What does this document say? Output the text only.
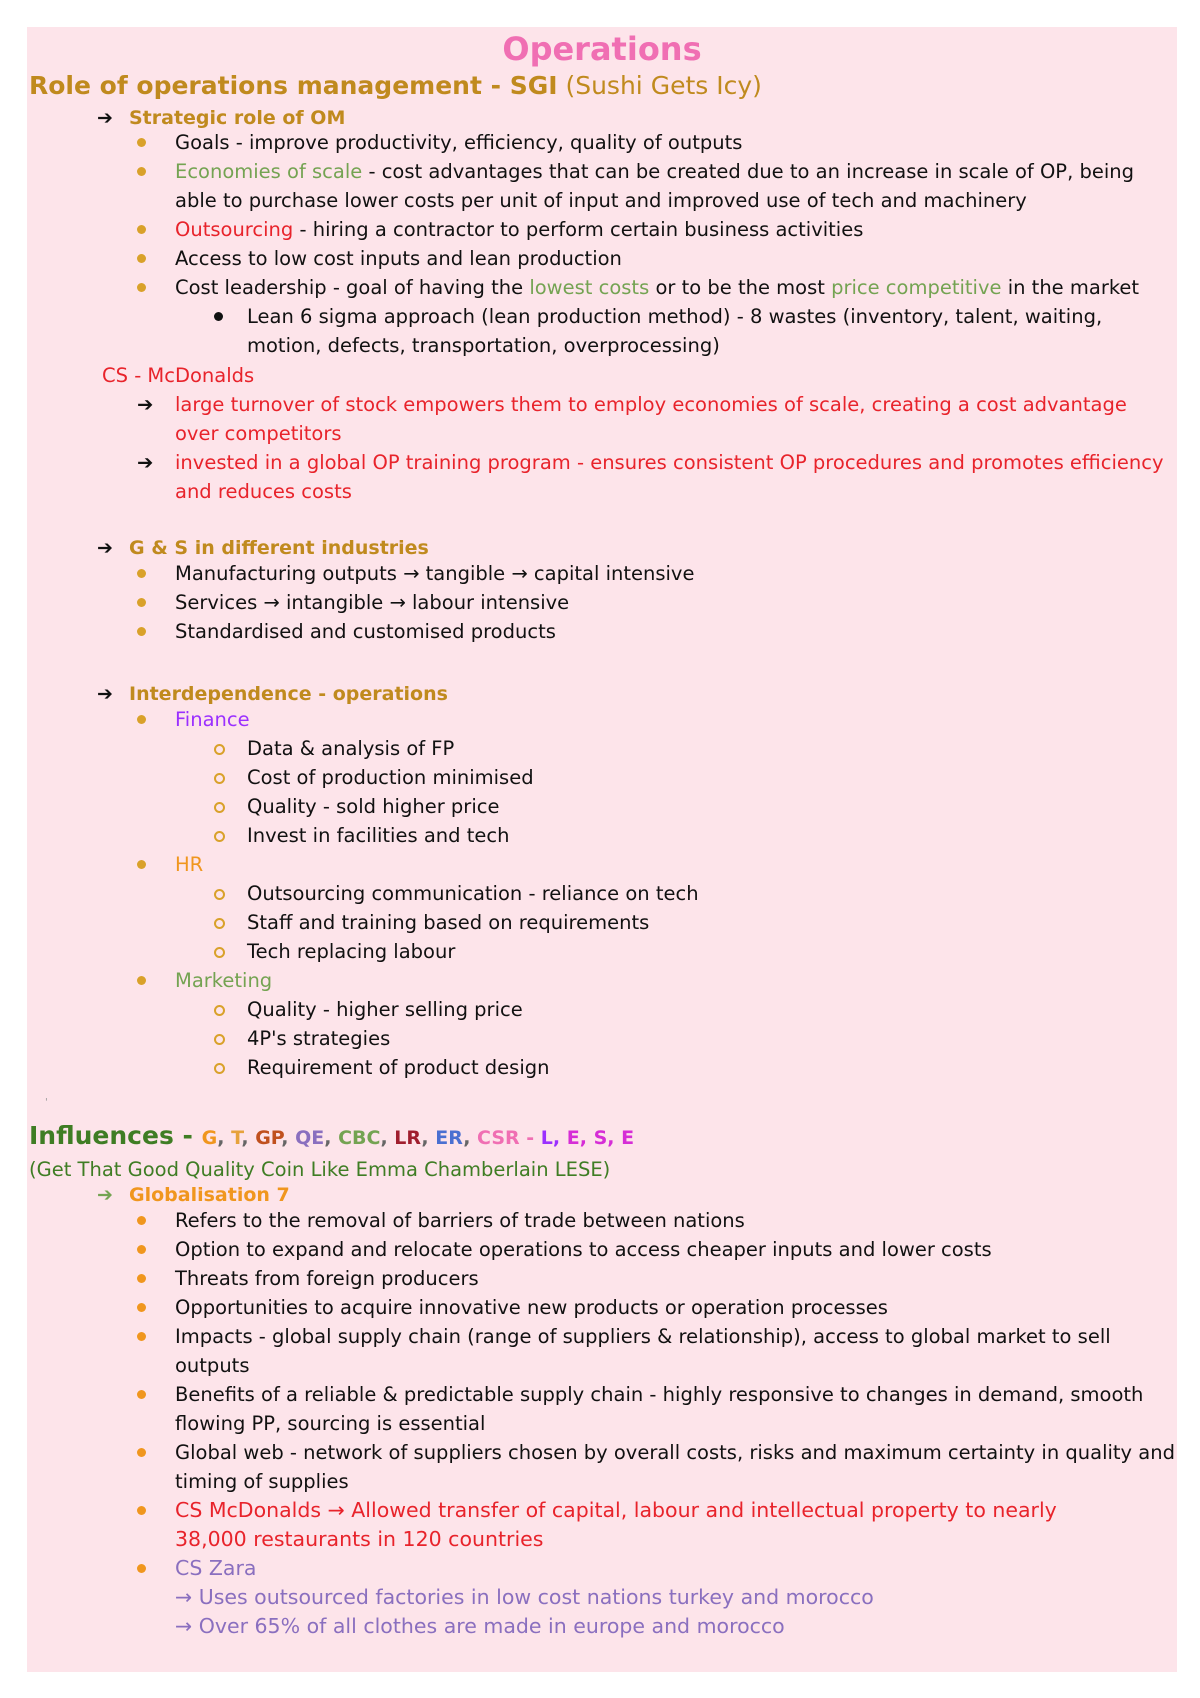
Operations
Role of operations management - SGI (Sushi Gets Icy)
➔ Strategic role of OM
Goals - improve productivity, efficiency, quality of outputs
Economies of scale - cost advantages that can be created due to an increase in scale of OP, being
able to purchase lower costs per unit of input and improved use of tech and machinery
Outsourcing - hiring a contractor to perform certain business activities
Access to low cost inputs and lean production
Cost leadership - goal of having the lowest costs or to be the most price competitive in the market
Lean 6 sigma approach (lean production method) - 8 wastes (inventory, talent, waiting,
motion, defects, transportation, overprocessing)
CS - McDonalds
➔ large turnover of stock empowers them to employ economies of scale, creating a cost advantage
over competitors
➔ invested in a global OP training program - ensures consistent OP procedures and promotes efficiency
and reduces costs
➔ G & S in different industries
Manufacturing outputs → tangible → capital intensive
Services → intangible → labour intensive
Standardised and customised products
➔ Interdependence - operations
Finance
Data & analysis of FP
Cost of production minimised
Quality - sold higher price
Invest in facilities and tech
HR
Outsourcing communication - reliance on tech
Staff and training based on requirements
Tech replacing labour
Marketing
Quality - higher selling price
4P's strategies
Requirement of product design
'
Influences - G, T, GP, QE, CBC, LR, ER, CSR - L, E, S, E
(Get That Good Quality Coin Like Emma Chamberlain LESE)
➔ Globalisation 7
Refers to the removal of barriers of trade between nations
Option to expand and relocate operations to access cheaper inputs and lower costs
Threats from foreign producers
Opportunities to acquire innovative new products or operation processes
Impacts - global supply chain (range of suppliers & relationship), access to global market to sell
outputs
Benefits of a reliable & predictable supply chain - highly responsive to changes in demand, smooth
flowing PP, sourcing is essential
Global web - network of suppliers chosen by overall costs, risks and maximum certainty in quality and
timing of supplies
CS McDonalds → Allowed transfer of capital, labour and intellectual property to nearly
38,000 restaurants in 120 countries
CS Zara
→ Uses outsourced factories in low cost nations turkey and morocco
→ Over 65% of all clothes are made in europe and morocco
